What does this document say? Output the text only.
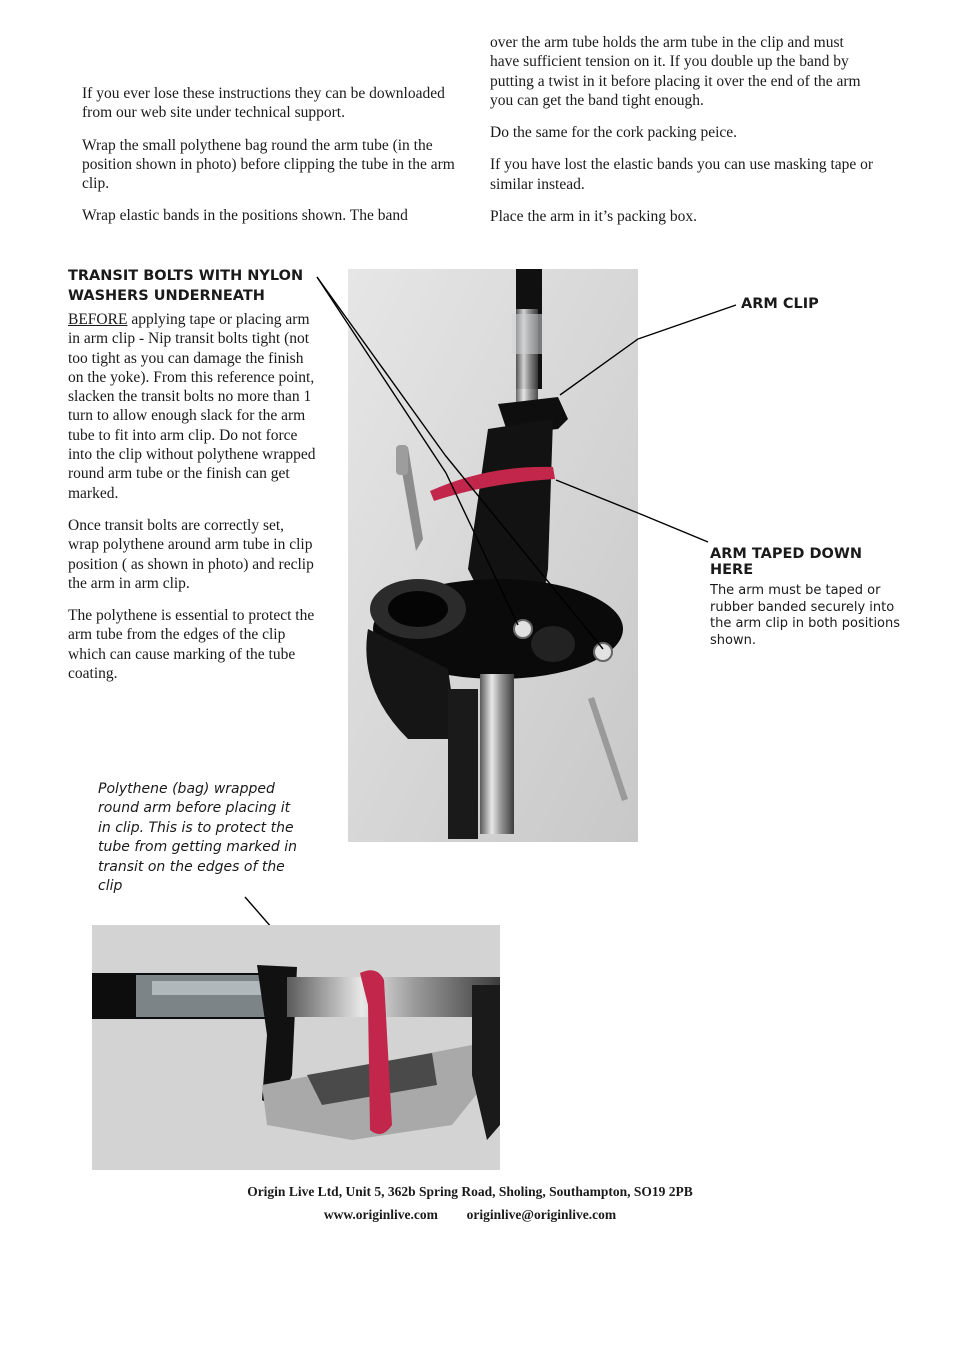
If you ever lose these instructions they can be downloaded from our web site under technical support.

Wrap the small polythene bag round the arm tube (in the position shown in photo) before clipping the tube in the arm clip.

Wrap elastic bands in the positions shown. The band

over the arm tube holds the arm tube in the clip and must have sufficient tension on it. If you double up the band by putting a twist in it before placing it over the end of the arm you can get the band tight enough.

Do the same for the cork packing peice.

If you have lost the elastic bands you can use masking tape or similar instead.

Place the arm in it’s packing box.

TRANSIT BOLTS WITH NYLON
WASHERS UNDERNEATH

BEFORE applying tape or placing arm in arm clip - Nip transit bolts tight (not too tight as you can damage the finish on the yoke). From this reference point, slacken the transit bolts no more than 1 turn to allow enough slack for the arm tube to fit into arm clip. Do not force into the clip without polythene wrapped round arm tube or the finish can get marked.

Once transit bolts are correctly set, wrap polythene around arm tube in clip position ( as shown in photo) and reclip the arm in arm clip.

The polythene is essential to protect the arm tube from the edges of the clip which can cause marking of the tube coating.

ARM CLIP
ARM TAPED DOWN HERE
The arm must be taped or rubber banded securely into the arm clip in both positions shown.
Polythene (bag) wrapped round arm before placing it in clip. This is to protect the tube from getting marked in transit on the edges of the clip
Origin Live Ltd, Unit 5, 362b Spring Road, Sholing, Southampton, SO19 2PB
www.originlive.com originlive@originlive.com
